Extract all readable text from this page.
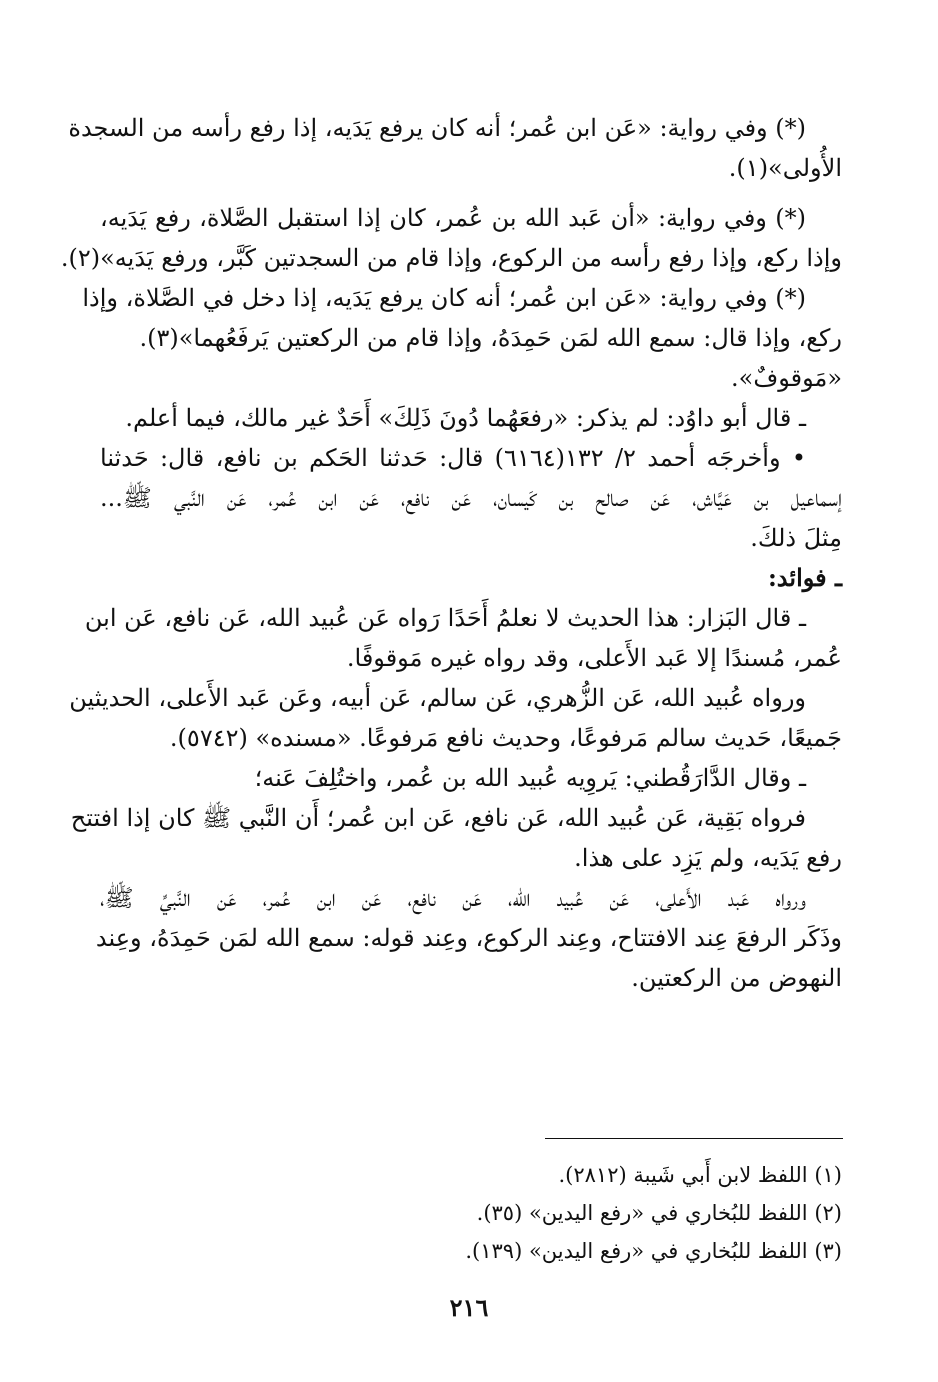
(*) وفي رواية: «عَن ابن عُمر؛ أنه كان يرفع يَدَيه، إذا رفع رأسه من السجدة
الأُولى»(١).
(*) وفي رواية: «أن عَبد الله بن عُمر، كان إذا استقبل الصَّلاة، رفع يَدَيه،
وإذا ركع، وإذا رفع رأسه من الركوع، وإذا قام من السجدتين كَبَّر، ورفع يَدَيه»(٢).
(*) وفي رواية: «عَن ابن عُمر؛ أنه كان يرفع يَدَيه، إذا دخل في الصَّلاة، وإذا
ركع، وإذا قال: سمع الله لمَن حَمِدَهُ، وإذا قام من الركعتين يَرفَعُهما»(٣).
«مَوقوفٌ».
ـ قال أبو داوُد: لم يذكر: «رفعَهُما دُونَ ذَلِكَ» أَحَدٌ غير مالك، فيما أعلم.
• وأخرجَه أحمد ٢/ ١٣٢(٦١٦٤) قال: حَدثنا الحَكم بن نافع، قال: حَدثنا
إسماعيل بن عَيَّاش، عَن صالح بن كَيسان، عَن نافع، عَن ابن عُمر، عَن النَّبي ﷺ...
مِثلَ ذلكَ.
ـ فوائد:
ـ قال البَزار: هذا الحديث لا نعلمُ أَحَدًا رَواه عَن عُبيد الله، عَن نافع، عَن ابن
عُمر، مُسندًا إلا عَبد الأَعلى، وقد رواه غيره مَوقوفًا.
ورواه عُبيد الله، عَن الزُّهري، عَن سالم، عَن أبيه، وعَن عَبد الأَعلى، الحديثين
جَميعًا، حَديث سالم مَرفوعًا، وحديث نافع مَرفوعًا. «مسنده» (٥٧٤٢).
ـ وقال الدَّارَقُطني: يَروِيه عُبيد الله بن عُمر، واختُلِفَ عَنه؛
فرواه بَقِية، عَن عُبيد الله، عَن نافع، عَن ابن عُمر؛ أَن النَّبي ﷺ كان إذا افتتح
رفع يَدَيه، ولم يَزِد على هذا.
ورواه عَبد الأَعلى، عَن عُبيد الله، عَن نافع، عَن ابن عُمر، عَن النَّبيِّ ﷺ،
وذَكَر الرفعَ عِند الافتتاح، وعِند الركوع، وعِند قوله: سمع الله لمَن حَمِدَهُ، وعِند
النهوض من الركعتين.
(١) اللفظ لابن أَبي شَيبة (٢٨١٢).
(٢) اللفظ للبُخاري في «رفع اليدين» (٣٥).
(٣) اللفظ للبُخاري في «رفع اليدين» (١٣٩).
٢١٦
